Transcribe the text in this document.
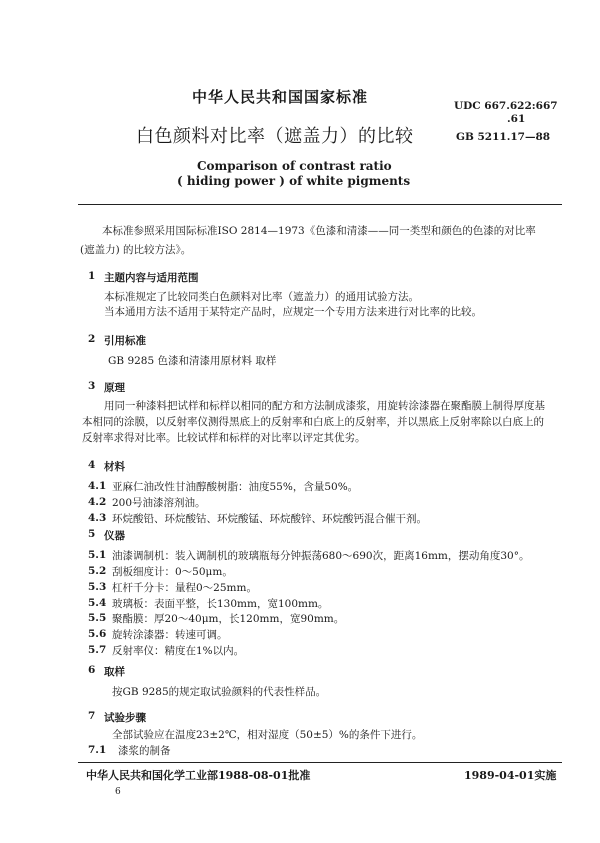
中华人民共和国国家标准	UDC 667.622:667
.61
GB 5211.17—88
白色颜料对比率（遮盖力）的比较
Comparison of contrast ratio
( hiding power ) of white pigments
本标准参照采用国际标准ISO 2814—1973《色漆和清漆——同一类型和颜色的色漆的对比率
(遮盖力) 的比较方法》。
1 主题内容与适用范围
本标准规定了比较同类白色颜料对比率（遮盖力）的通用试验方法。
当本通用方法不适用于某特定产品时，应规定一个专用方法来进行对比率的比较。
2 引用标准
GB 9285 色漆和清漆用原材料 取样
3 原理
用同一种漆料把试样和标样以相同的配方和方法制成漆浆，用旋转涂漆器在聚酯膜上制得厚度基
本相同的涂膜，以反射率仪测得黑底上的反射率和白底上的反射率，并以黑底上反射率除以白底上的
反射率求得对比率。比较试样和标样的对比率以评定其优劣。
4 材料
4.1 亚麻仁油改性甘油醇酸树脂：油度55%，含量50%。
4.2 200号油漆溶剂油。
4.3 环烷酸铅、环烷酸钴、环烷酸锰、环烷酸锌、环烷酸钙混合催干剂。
5 仪器
5.1 油漆调制机：装入调制机的玻璃瓶每分钟振荡680～690次，距离16mm，摆动角度30°。
5.2 刮板细度计：0～50μm。
5.3 杠杆千分卡：量程0～25mm。
5.4 玻璃板：表面平整，长130mm，宽100mm。
5.5 聚酯膜：厚20～40μm，长120mm，宽90mm。
5.6 旋转涂漆器：转速可调。
5.7 反射率仪：精度在1%以内。
6 取样
按GB 9285的规定取试验颜料的代表性样品。
7 试验步骤
全部试验应在温度23±2℃，相对湿度（50±5）%的条件下进行。
7.1 漆浆的制备
中华人民共和国化学工业部1988-08-01批准	1989-04-01实施
6
